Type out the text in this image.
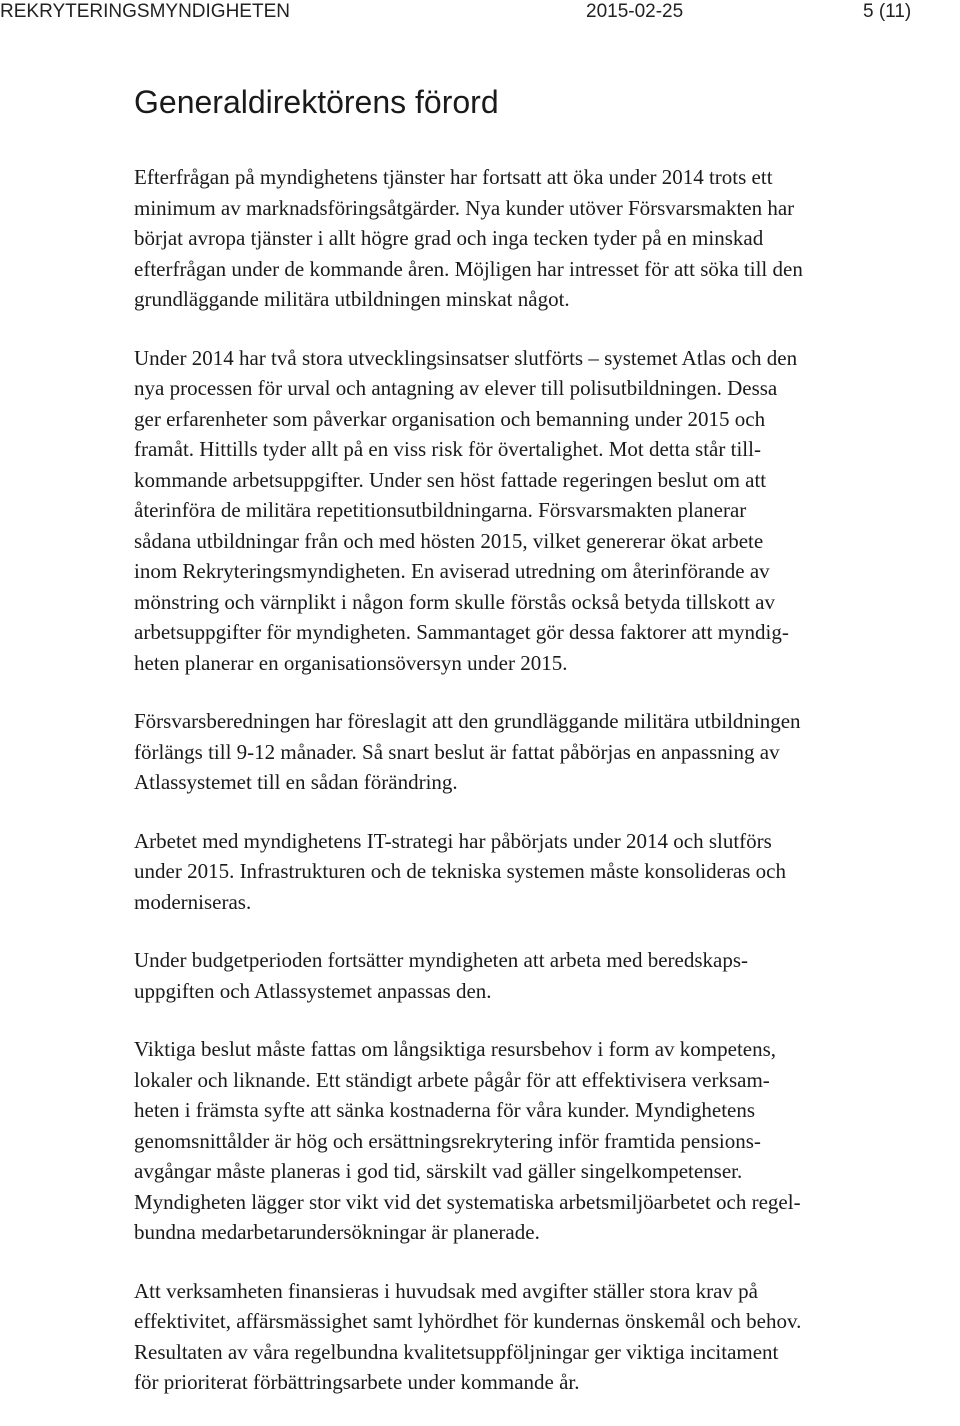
REKRYTERINGSMYNDIGHETEN	2015-02-25	5 (11)
Generaldirektörens förord

Efterfrågan på myndighetens tjänster har fortsatt att öka under 2014 trots ett
minimum av marknadsföringsåtgärder. Nya kunder utöver Försvarsmakten har
börjat avropa tjänster i allt högre grad och inga tecken tyder på en minskad
efterfrågan under de kommande åren. Möjligen har intresset för att söka till den
grundläggande militära utbildningen minskat något.

Under 2014 har två stora utvecklingsinsatser slutförts – systemet Atlas och den
nya processen för urval och antagning av elever till polisutbildningen. Dessa
ger erfarenheter som påverkar organisation och bemanning under 2015 och
framåt. Hittills tyder allt på en viss risk för övertalighet. Mot detta står till-
kommande arbetsuppgifter. Under sen höst fattade regeringen beslut om att
återinföra de militära repetitionsutbildningarna. Försvarsmakten planerar
sådana utbildningar från och med hösten 2015, vilket genererar ökat arbete
inom Rekryteringsmyndigheten. En aviserad utredning om återinförande av
mönstring och värnplikt i någon form skulle förstås också betyda tillskott av
arbetsuppgifter för myndigheten. Sammantaget gör dessa faktorer att myndig-
heten planerar en organisationsöversyn under 2015.

Försvarsberedningen har föreslagit att den grundläggande militära utbildningen
förlängs till 9-12 månader. Så snart beslut är fattat påbörjas en anpassning av
Atlassystemet till en sådan förändring.

Arbetet med myndighetens IT-strategi har påbörjats under 2014 och slutförs
under 2015. Infrastrukturen och de tekniska systemen måste konsolideras och
moderniseras.

Under budgetperioden fortsätter myndigheten att arbeta med beredskaps-
uppgiften och Atlassystemet anpassas den.

Viktiga beslut måste fattas om långsiktiga resursbehov i form av kompetens,
lokaler och liknande. Ett ständigt arbete pågår för att effektivisera verksam-
heten i främsta syfte att sänka kostnaderna för våra kunder. Myndighetens
genomsnittålder är hög och ersättningsrekrytering inför framtida pensions-
avgångar måste planeras i god tid, särskilt vad gäller singelkompetenser.
Myndigheten lägger stor vikt vid det systematiska arbetsmiljöarbetet och regel-
bundna medarbetarundersökningar är planerade.

Att verksamheten finansieras i huvudsak med avgifter ställer stora krav på
effektivitet, affärsmässighet samt lyhördhet för kundernas önskemål och behov.
Resultaten av våra regelbundna kvalitetsuppföljningar ger viktiga incitament
för prioriterat förbättringsarbete under kommande år.
